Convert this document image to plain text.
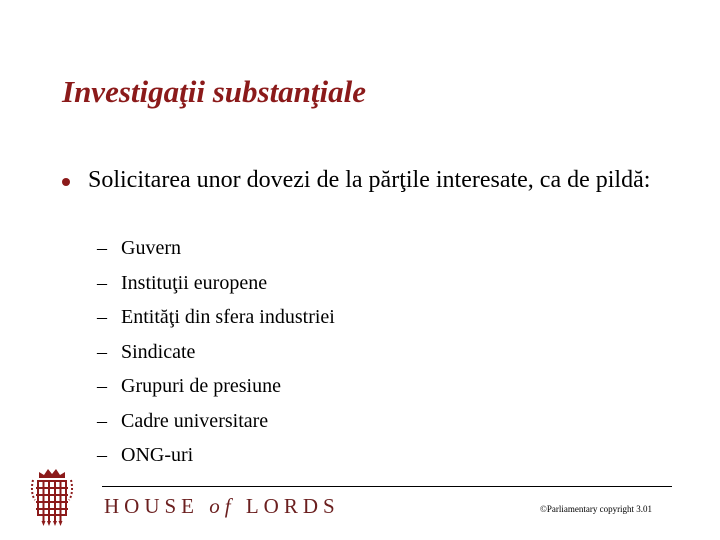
Investigaţii substanţiale
Solicitarea unor dovezi de la părţile interesate, ca de pildă:
– Guvern
– Instituţii europene
– Entităţi din sfera industriei
– Sindicate
– Grupuri de presiune
– Cadre universitare
– ONG-uri
HOUSE of LORDS	©Parliamentary copyright 3.01
